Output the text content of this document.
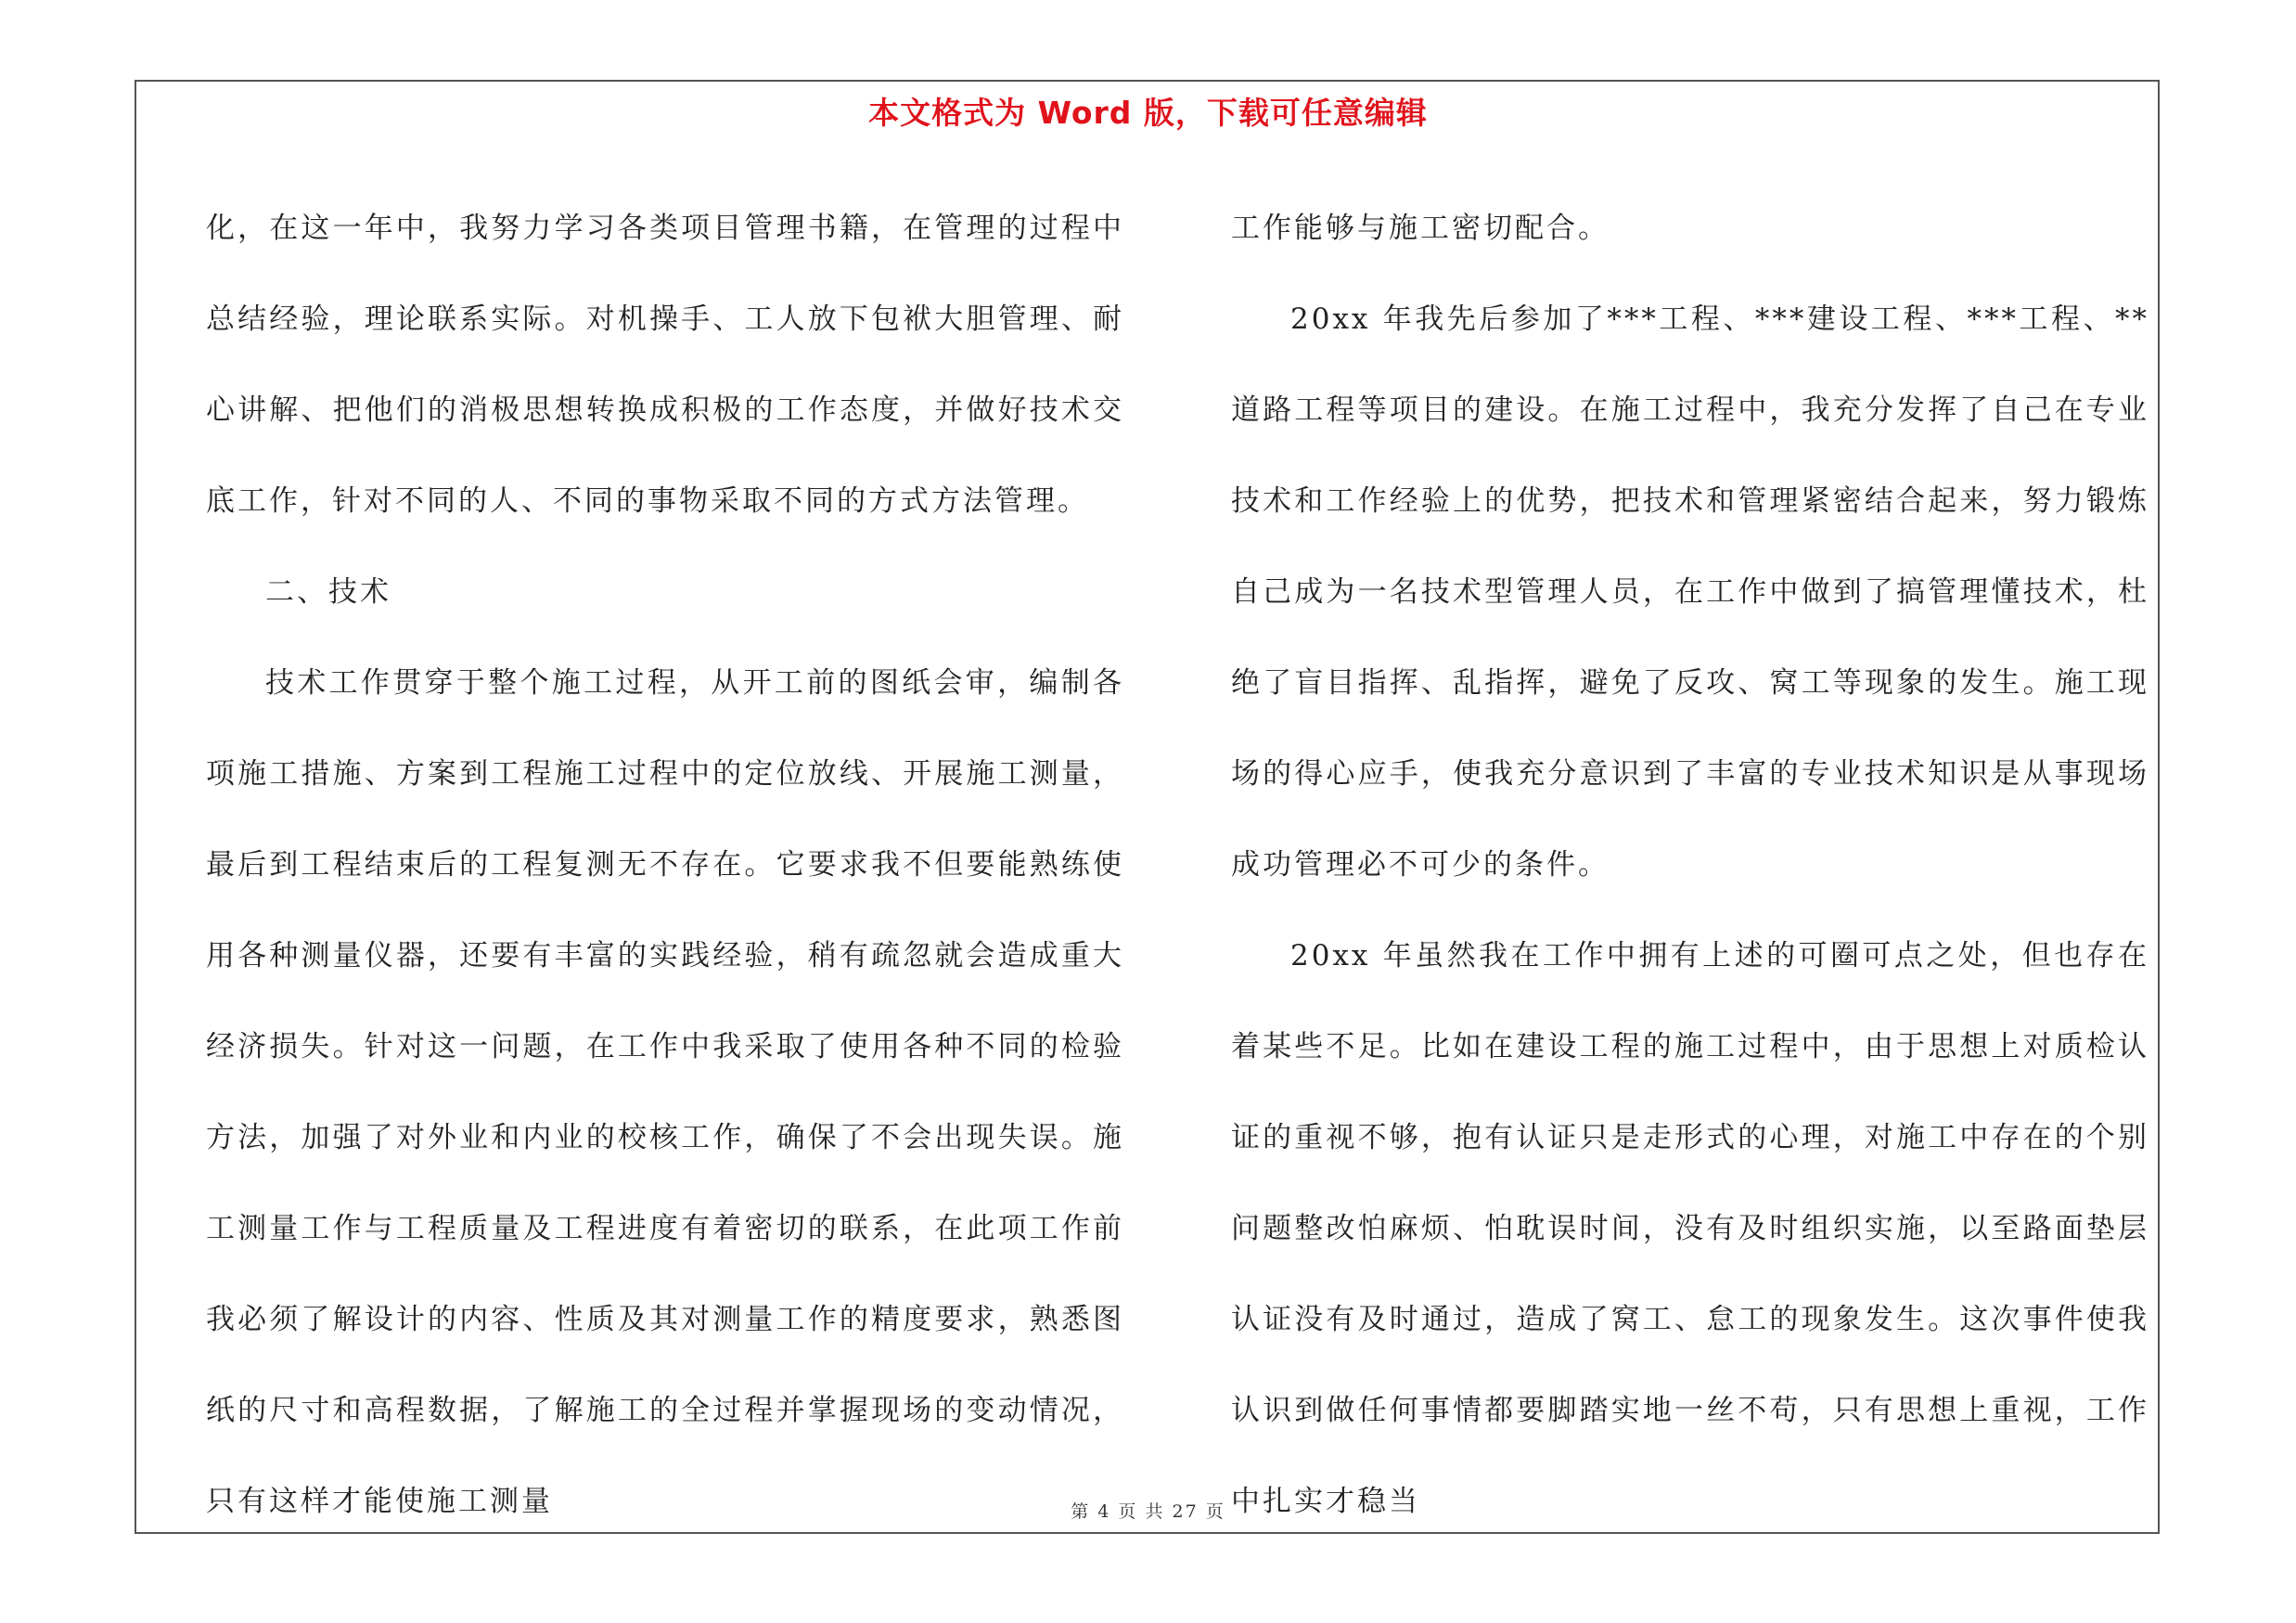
本文格式为 Word 版，下载可任意编辑

化，在这一年中，我努力学习各类项目管理书籍，在管理的过程中总结经验，理论联系实际。对机操手、工人放下包袱大胆管理、耐心讲解、把他们的消极思想转换成积极的工作态度，并做好技术交底工作，针对不同的人、不同的事物采取不同的方式方法管理。

二、技术

技术工作贯穿于整个施工过程，从开工前的图纸会审，编制各项施工措施、方案到工程施工过程中的定位放线、开展施工测量，最后到工程结束后的工程复测无不存在。它要求我不但要能熟练使用各种测量仪器，还要有丰富的实践经验，稍有疏忽就会造成重大经济损失。针对这一问题，在工作中我采取了使用各种不同的检验方法，加强了对外业和内业的校核工作，确保了不会出现失误。施工测量工作与工程质量及工程进度有着密切的联系，在此项工作前我必须了解设计的内容、性质及其对测量工作的精度要求，熟悉图纸的尺寸和高程数据，了解施工的全过程并掌握现场的变动情况，只有这样才能使施工测量

工作能够与施工密切配合。

20xx 年我先后参加了***工程、***建设工程、***工程、**道路工程等项目的建设。在施工过程中，我充分发挥了自己在专业技术和工作经验上的优势，把技术和管理紧密结合起来，努力锻炼自己成为一名技术型管理人员，在工作中做到了搞管理懂技术，杜绝了盲目指挥、乱指挥，避免了反攻、窝工等现象的发生。施工现场的得心应手，使我充分意识到了丰富的专业技术知识是从事现场成功管理必不可少的条件。

20xx 年虽然我在工作中拥有上述的可圈可点之处，但也存在着某些不足。比如在建设工程的施工过程中，由于思想上对质检认证的重视不够，抱有认证只是走形式的心理，对施工中存在的个别问题整改怕麻烦、怕耽误时间，没有及时组织实施，以至路面垫层认证没有及时通过，造成了窝工、怠工的现象发生。这次事件使我认识到做任何事情都要脚踏实地一丝不苟，只有思想上重视，工作中扎实才稳当

第 4 页 共 27 页
